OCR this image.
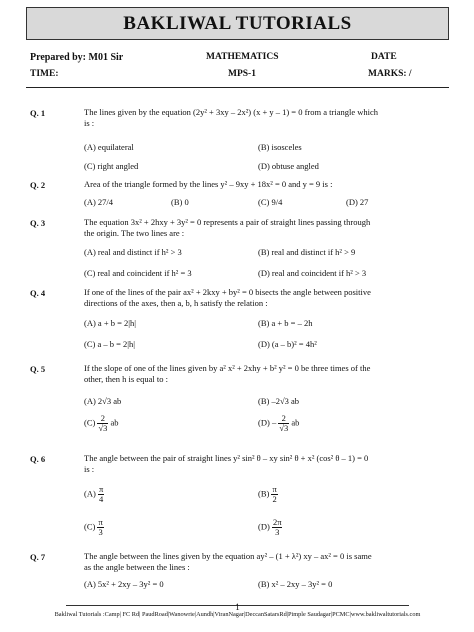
BAKLIWAL TUTORIALS
Prepared by: M01 Sir	MATHEMATICS	DATE
TIME:	MPS-1	MARKS: /
Q. 1	The lines given by the equation (2y² + 3xy – 2x²) (x + y – 1) = 0 from a triangle which
is :
(A) equilateral	(B) isosceles
(C) right angled	(D) obtuse angled
Q. 2	Area of the triangle formed by the lines y² – 9xy + 18x² = 0 and y = 9 is :
(A) 27/4	(B) 0	(C) 9/4	(D) 27
Q. 3	The equation 3x² + 2hxy + 3y² = 0 represents a pair of straight lines passing through
the origin. The two lines are :
(A) real and distinct if h² > 3	(B) real and distinct if h² > 9
(C) real and coincident if h² = 3	(D) real and coincident if h² > 3
Q. 4	If one of the lines of the pair ax² + 2kxy + by² = 0 bisects the angle between positive
directions of the axes, then a, b, h satisfy the relation :
(A) a + b = 2|h|	(B) a + b = – 2h
(C) a – b = 2|h|	(D) (a – b)² = 4h²
Q. 5	If the slope of one of the lines given by a² x² + 2xhy + b² y² = 0 be three times of the
other, then h is equal to :
(A) 2√3 ab	(B) –2√3 ab
$(C) \frac{2}{√3}$ ab	$(D) - \frac{2}{√3}$ ab
Q. 6	The angle between the pair of straight lines y² sin² θ – xy sin² θ + x² (cos² θ – 1) = 0
is :
$(A) \frac{\pi}{4}$	$(B) \frac{\pi}{2}$
$(C) \frac{\pi}{3}$	$(D) \frac{2\pi}{3}$
Q. 7	The angle between the lines given by the equation ay² – (1 + λ²) xy – ax² = 0 is same
as the angle between the lines :
(A) 5x² + 2xy – 3y² = 0	(B) x² – 2xy – 3y² = 0
1
Bakliwal Tutorials :Camp| FC Rd| PaudRoad|Wanowrie|Aundh|ViranNagar|DeccanSatarsRd|Pimple Saudagar|PCMC|www.bakliwaltutorials.com
